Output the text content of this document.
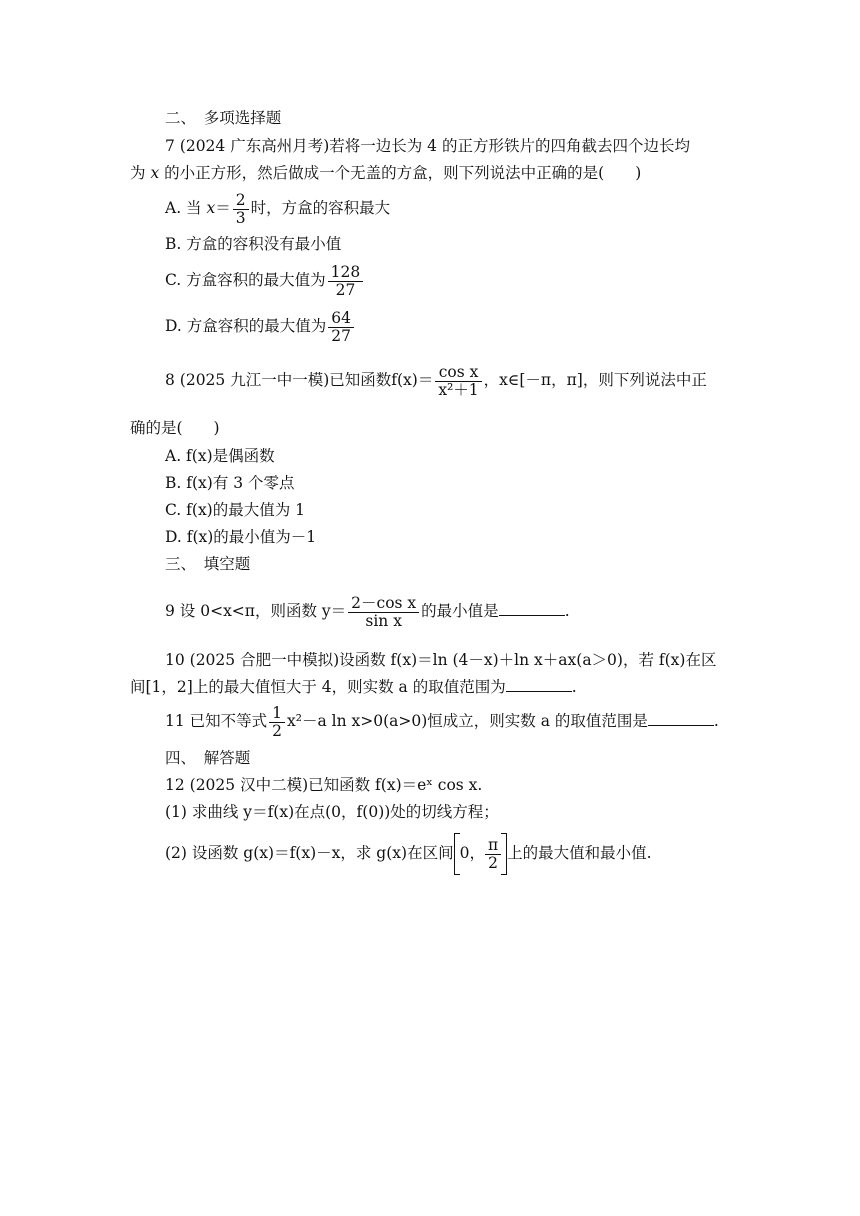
二、　多项选择题
7 (2024 广东高州月考)若将一边长为 4 的正方形铁片的四角截去四个边长均
为 x 的小正方形，然后做成一个无盖的方盒，则下列说法中正确的是(　　)
A. 当 $x= \frac{2}{3}$ 时，方盒的容积最大
B. 方盒的容积没有最小值
C. 方盒容积的最大值为 $\frac{128}{27}$
D. 方盒容积的最大值为 $\frac{64}{27}$
8 (2025 九江一中一模)已知函数$f(x)= \frac{\text{cos x}}{\text{x²＋1}}$ ，x∈[－π，π]，则下列说法中正
确的是(　　)
A. f(x)是偶函数
B. f(x)有 3 个零点
C. f(x)的最大值为 1
D. f(x)的最小值为－1
三、　填空题
9 设 0<x<π，则函数 $y= \frac{\text{2－cos x}}{\text{sin x}}$ 的最小值是	.
10 (2025 合肥一中模拟)设函数 f(x)＝ln (4－x)＋ln x＋ax(a＞0)，若 f(x)在区
间[1，2]上的最大值恒大于 4，则实数 a 的取值范围为	.
11 已知不等式 $\frac{1}{2} x^2-a$ ln x>0(a>0)恒成立，则实数 a 的取值范围是	.
四、　解答题
12 (2025 汉中二模)已知函数 f(x)＝eˣ cos x.
(1) 求曲线 y＝f(x)在点(0，f(0))处的切线方程；
(2) 设函数 g(x)＝f(x)－x，求 g(x)在区间 0， $\frac{\pi}{2}$ 上的最大值和最小值.
